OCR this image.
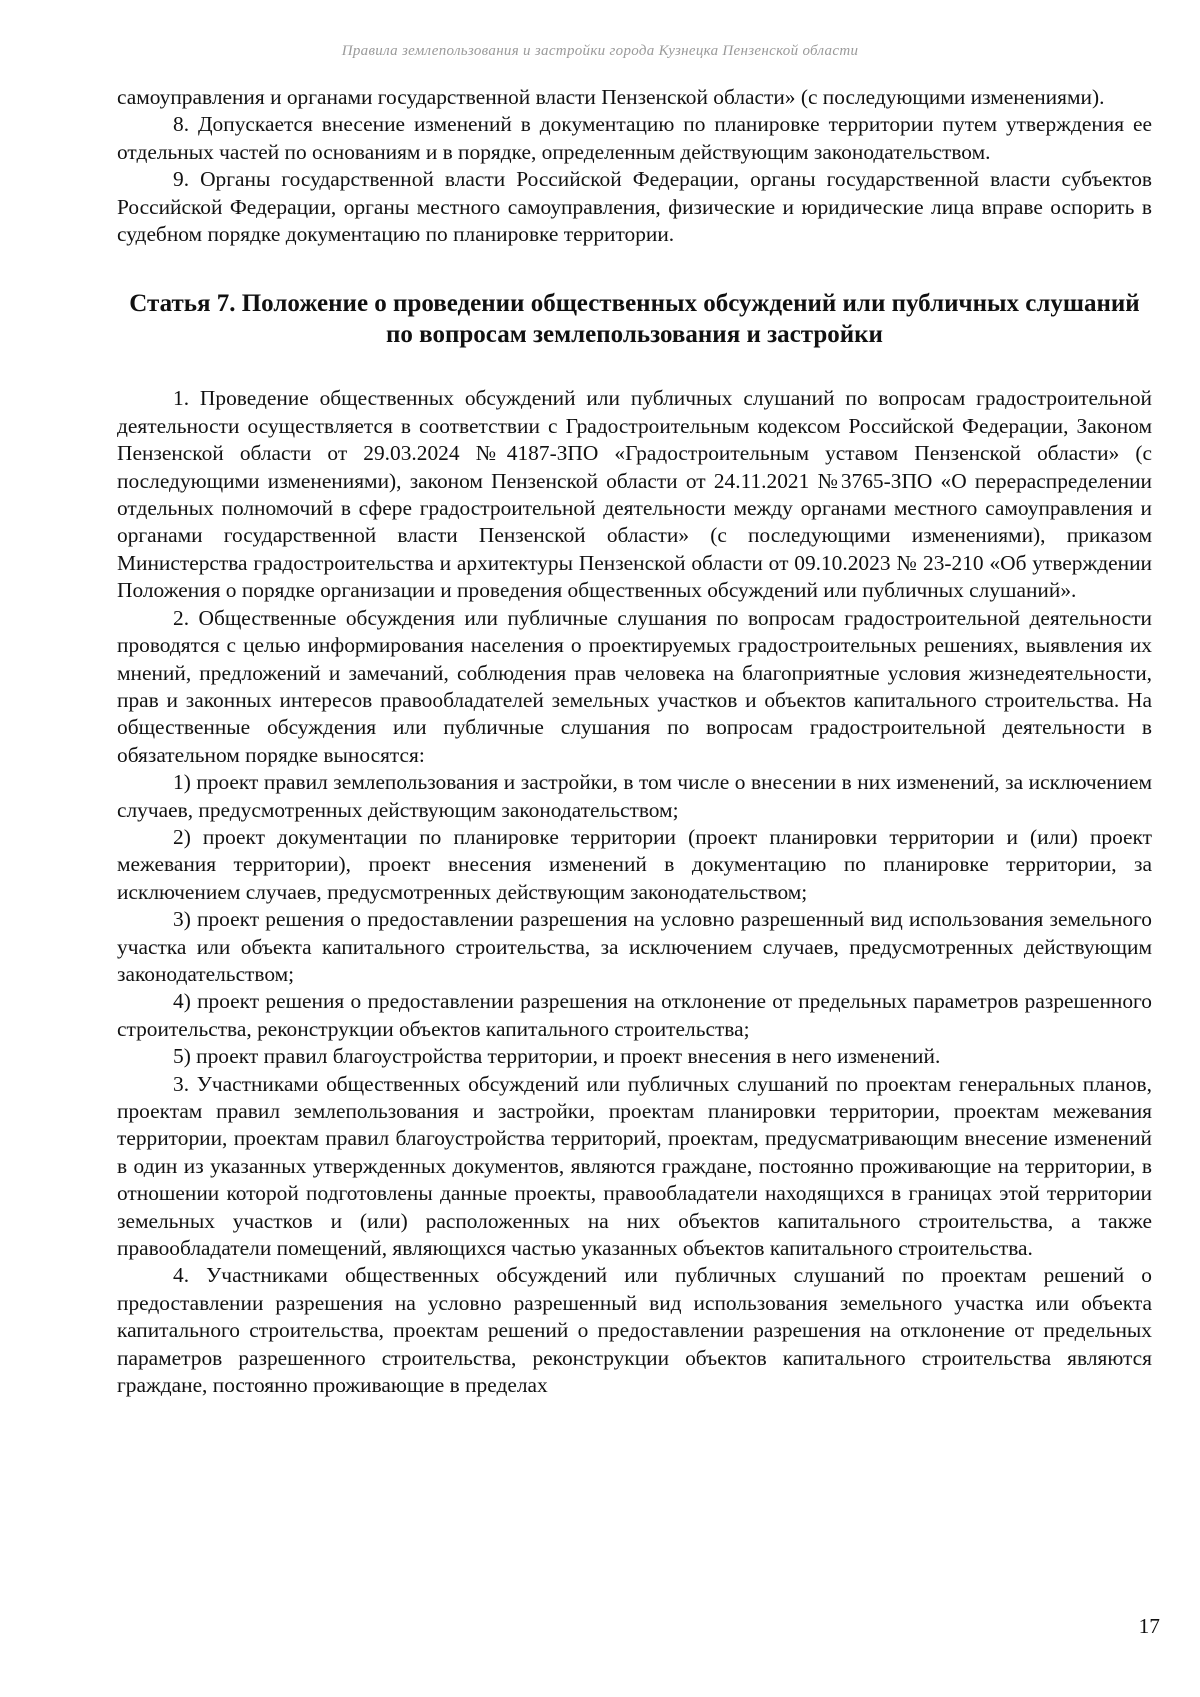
Правила землепользования и застройки города Кузнецка Пензенской области

самоуправления и органами государственной власти Пензенской области» (с последующими изменениями).

8. Допускается внесение изменений в документацию по планировке территории путем утверждения ее отдельных частей по основаниям и в порядке, определенным действующим законодательством.

9. Органы государственной власти Российской Федерации, органы государственной власти субъектов Российской Федерации, органы местного самоуправления, физические и юридические лица вправе оспорить в судебном порядке документацию по планировке территории.

Статья 7. Положение о проведении общественных обсуждений или публичных слушаний по вопросам землепользования и застройки

1. Проведение общественных обсуждений или публичных слушаний по вопросам градостроительной деятельности осуществляется в соответствии с Градостроительным кодексом Российской Федерации, Законом Пензенской области от 29.03.2024 №4187-ЗПО «Градостроительным уставом Пензенской области» (с последующими изменениями), законом Пензенской области от 24.11.2021 №3765-ЗПО «О перераспределении отдельных полномочий в сфере градостроительной деятельности между органами местного самоуправления и органами государственной власти Пензенской области» (с последующими изменениями), приказом Министерства градостроительства и архитектуры Пензенской области от 09.10.2023 № 23-210 «Об утверждении Положения о порядке организации и проведения общественных обсуждений или публичных слушаний».

2. Общественные обсуждения или публичные слушания по вопросам градостроительной деятельности проводятся с целью информирования населения о проектируемых градостроительных решениях, выявления их мнений, предложений и замечаний, соблюдения прав человека на благоприятные условия жизнедеятельности, прав и законных интересов правообладателей земельных участков и объектов капитального строительства. На общественные обсуждения или публичные слушания по вопросам градостроительной деятельности в обязательном порядке выносятся:

1) проект правил землепользования и застройки, в том числе о внесении в них изменений, за исключением случаев, предусмотренных действующим законодательством;

2) проект документации по планировке территории (проект планировки территории и (или) проект межевания территории), проект внесения изменений в документацию по планировке территории, за исключением случаев, предусмотренных действующим законодательством;

3) проект решения о предоставлении разрешения на условно разрешенный вид использования земельного участка или объекта капитального строительства, за исключением случаев, предусмотренных действующим законодательством;

4) проект решения о предоставлении разрешения на отклонение от предельных параметров разрешенного строительства, реконструкции объектов капитального строительства;

5) проект правил благоустройства территории, и проект внесения в него изменений.

3. Участниками общественных обсуждений или публичных слушаний по проектам генеральных планов, проектам правил землепользования и застройки, проектам планировки территории, проектам межевания территории, проектам правил благоустройства территорий, проектам, предусматривающим внесение изменений в один из указанных утвержденных документов, являются граждане, постоянно проживающие на территории, в отношении которой подготовлены данные проекты, правообладатели находящихся в границах этой территории земельных участков и (или) расположенных на них объектов капитального строительства, а также правообладатели помещений, являющихся частью указанных объектов капитального строительства.

4. Участниками общественных обсуждений или публичных слушаний по проектам решений о предоставлении разрешения на условно разрешенный вид использования земельного участка или объекта капитального строительства, проектам решений о предоставлении разрешения на отклонение от предельных параметров разрешенного строительства, реконструкции объектов капитального строительства являются граждане, постоянно проживающие в пределах

17
